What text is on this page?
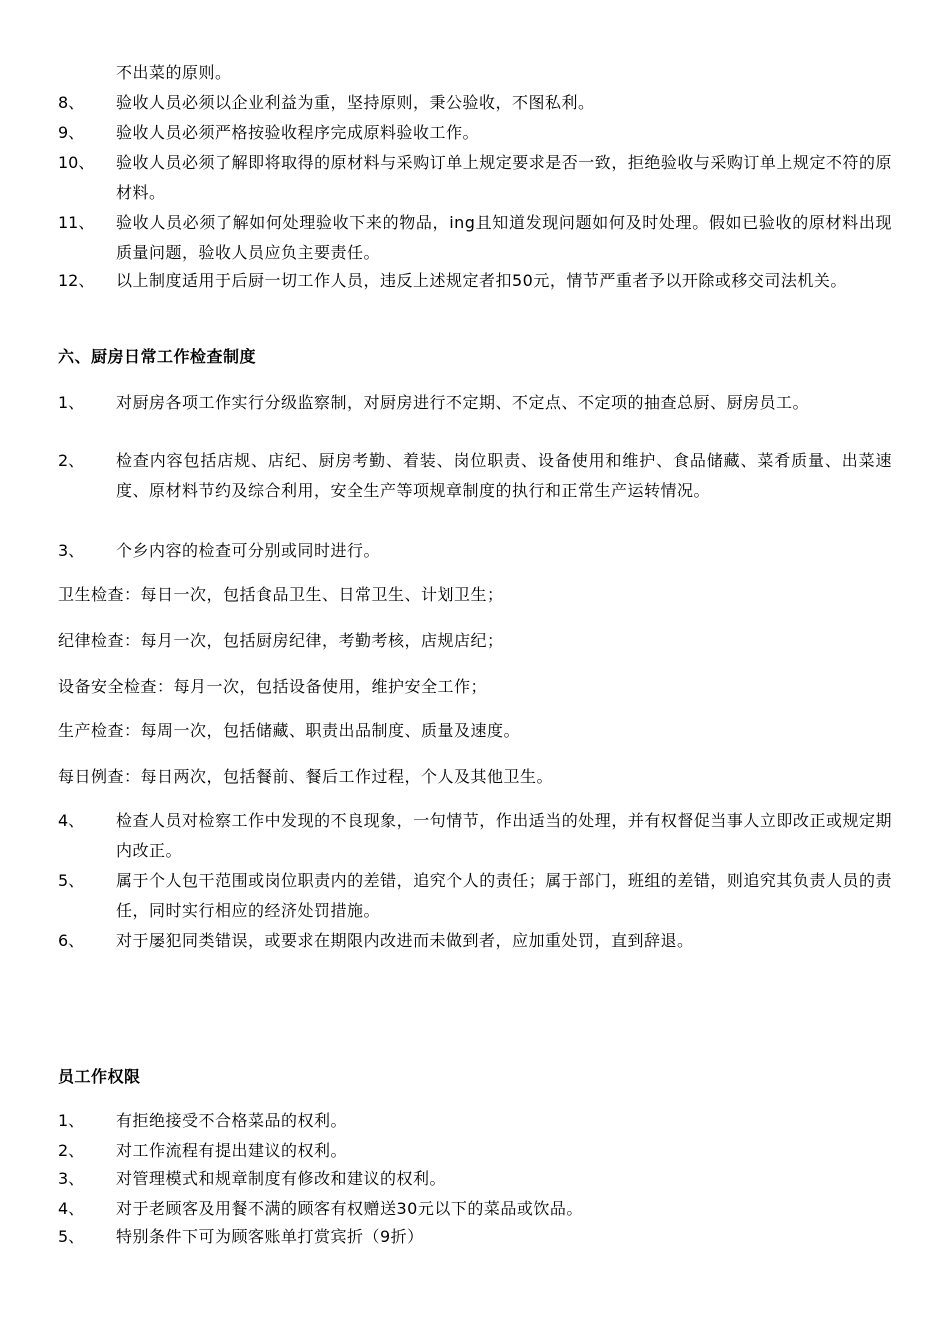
不出菜的原则。
8、 验收人员必须以企业利益为重，坚持原则，秉公验收，不图私利。
9、 验收人员必须严格按验收程序完成原料验收工作。
10、 验收人员必须了解即将取得的原材料与采购订单上规定要求是否一致，拒绝验收与采购订单上规定不符的原材料。
11、 验收人员必须了解如何处理验收下来的物品，ing且知道发现问题如何及时处理。假如已验收的原材料出现质量问题，验收人员应负主要责任。
12、 以上制度适用于后厨一切工作人员，违反上述规定者扣50元，情节严重者予以开除或移交司法机关。
六、厨房日常工作检查制度
1、 对厨房各项工作实行分级监察制，对厨房进行不定期、不定点、不定项的抽查总厨、厨房员工。
2、 检查内容包括店规、店纪、厨房考勤、着装、岗位职责、设备使用和维护、食品储藏、菜肴质量、出菜速度、原材料节约及综合利用，安全生产等项规章制度的执行和正常生产运转情况。
3、 个乡内容的检查可分别或同时进行。
卫生检查：每日一次，包括食品卫生、日常卫生、计划卫生；
纪律检查：每月一次，包括厨房纪律，考勤考核，店规店纪；
设备安全检查：每月一次，包括设备使用，维护安全工作；
生产检查：每周一次，包括储藏、职责出品制度、质量及速度。
每日例查：每日两次，包括餐前、餐后工作过程，个人及其他卫生。
4、 检查人员对检察工作中发现的不良现象，一句情节，作出适当的处理，并有权督促当事人立即改正或规定期内改正。
5、 属于个人包干范围或岗位职责内的差错，追究个人的责任；属于部门，班组的差错，则追究其负责人员的责任，同时实行相应的经济处罚措施。
6、 对于屡犯同类错误，或要求在期限内改进而未做到者，应加重处罚，直到辞退。
员工作权限
1、 有拒绝接受不合格菜品的权利。
2、 对工作流程有提出建议的权利。
3、 对管理模式和规章制度有修改和建议的权利。
4、 对于老顾客及用餐不满的顾客有权赠送30元以下的菜品或饮品。
5、 特别条件下可为顾客账单打赏宾折（9折）
